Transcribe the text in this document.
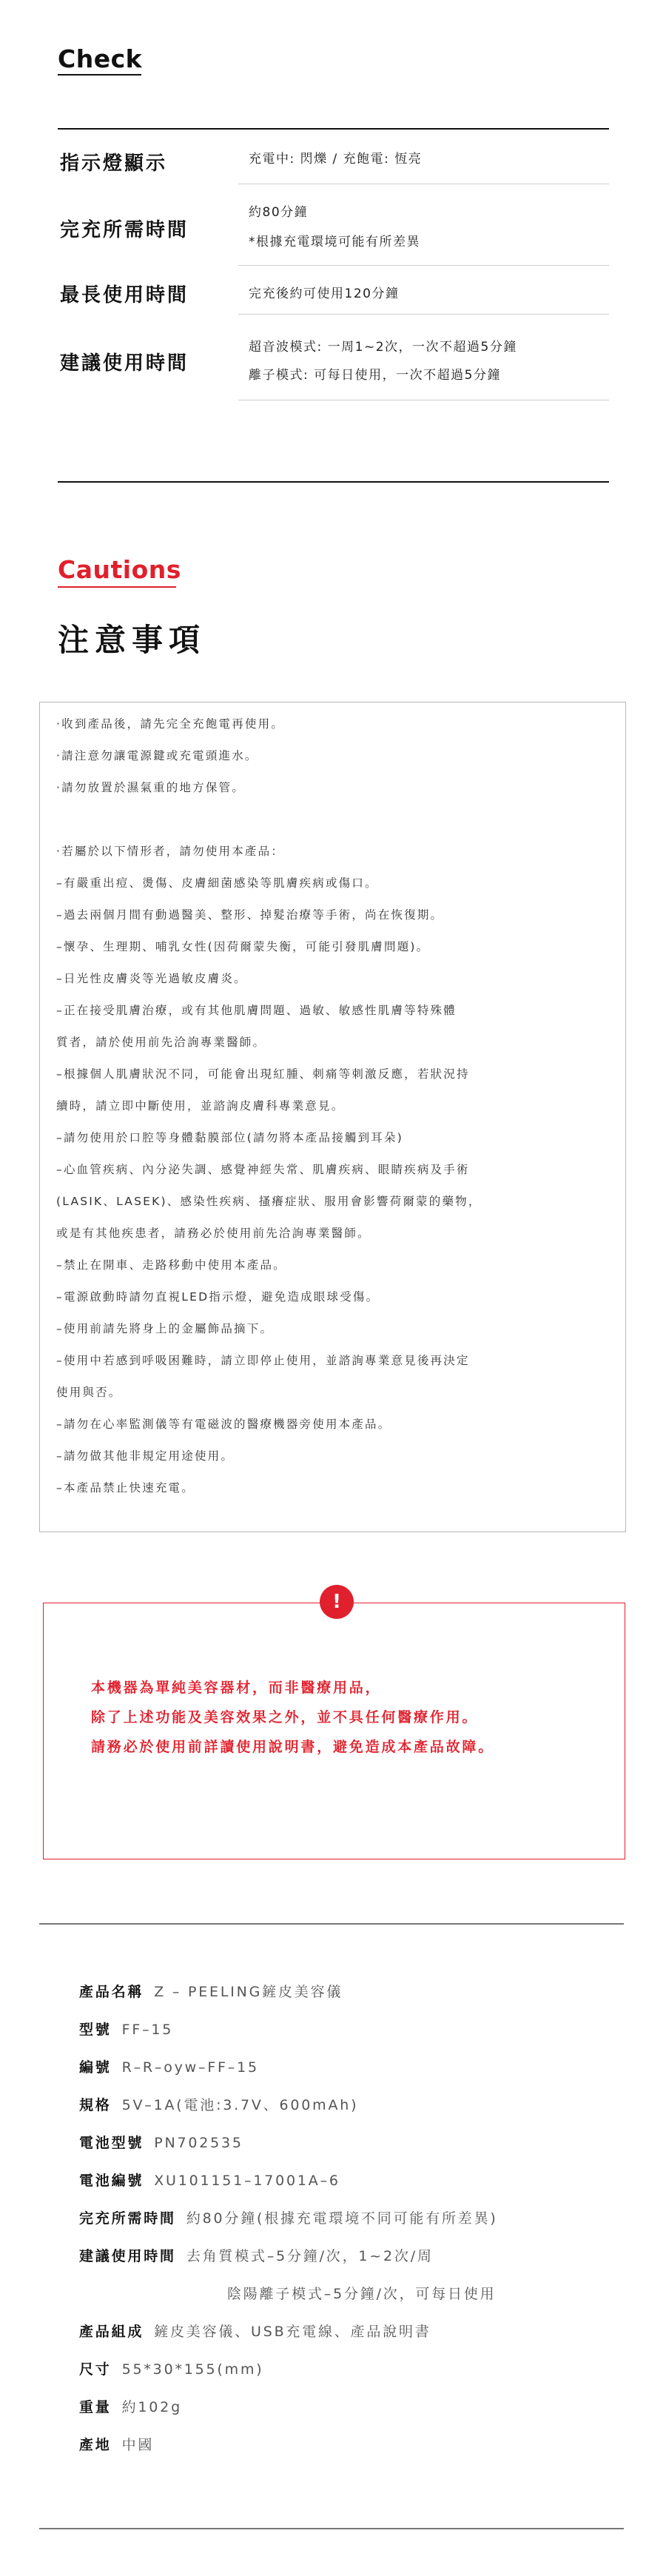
Check
指示燈顯示	充電中: 閃爍 / 充飽電: 恆亮
完充所需時間
約80分鐘
*根據充電環境可能有所差異
最長使用時間	完充後約可使用120分鐘
建議使用時間
超音波模式: 一周1~2次，一次不超過5分鐘
離子模式: 可每日使用，一次不超過5分鐘
Cautions
注意事項
‧收到產品後，請先完全充飽電再使用。
‧請注意勿讓電源鍵或充電頭進水。
‧請勿放置於濕氣重的地方保管。
‧若屬於以下情形者，請勿使用本產品：
–有嚴重出痘、燙傷、皮膚細菌感染等肌膚疾病或傷口。
–過去兩個月間有動過醫美、整形、掉髮治療等手術，尚在恢復期。
–懷孕、生理期、哺乳女性(因荷爾蒙失衡，可能引發肌膚問題)。
–日光性皮膚炎等光過敏皮膚炎。
–正在接受肌膚治療，或有其他肌膚問題、過敏、敏感性肌膚等特殊體
質者，請於使用前先洽詢專業醫師。
–根據個人肌膚狀況不同，可能會出現紅腫、刺痛等刺激反應，若狀況持
續時，請立即中斷使用，並諮詢皮膚科專業意見。
–請勿使用於口腔等身體黏膜部位(請勿將本產品接觸到耳朵)
–心血管疾病、內分泌失調、感覺神經失常、肌膚疾病、眼睛疾病及手術
(LASIK、LASEK)、感染性疾病、搔癢症狀、服用會影響荷爾蒙的藥物，
或是有其他疾患者，請務必於使用前先洽詢專業醫師。
–禁止在開車、走路移動中使用本產品。
–電源啟動時請勿直視LED指示燈，避免造成眼球受傷。
–使用前請先將身上的金屬飾品摘下。
–使用中若感到呼吸困難時，請立即停止使用，並諮詢專業意見後再決定
使用與否。
–請勿在心率監測儀等有電磁波的醫療機器旁使用本產品。
–請勿做其他非規定用途使用。
–本產品禁止快速充電。
!
本機器為單純美容器材，而非醫療用品，
除了上述功能及美容效果之外，並不具任何醫療作用。
請務必於使用前詳讀使用說明書，避免造成本產品故障。
產品名稱 Z – PEELING鏟皮美容儀
型號 FF–15
編號 R–R–oyw–FF–15
規格 5V–1A(電池:3.7V、600mAh)
電池型號 PN702535
電池編號 XU101151–17001A–6
完充所需時間 約80分鐘(根據充電環境不同可能有所差異)
建議使用時間 去角質模式–5分鐘/次，1~2次/周
陰陽離子模式–5分鐘/次，可每日使用
產品組成 鏟皮美容儀、USB充電線、產品說明書
尺寸 55*30*155(mm)
重量 約102g
產地 中國
